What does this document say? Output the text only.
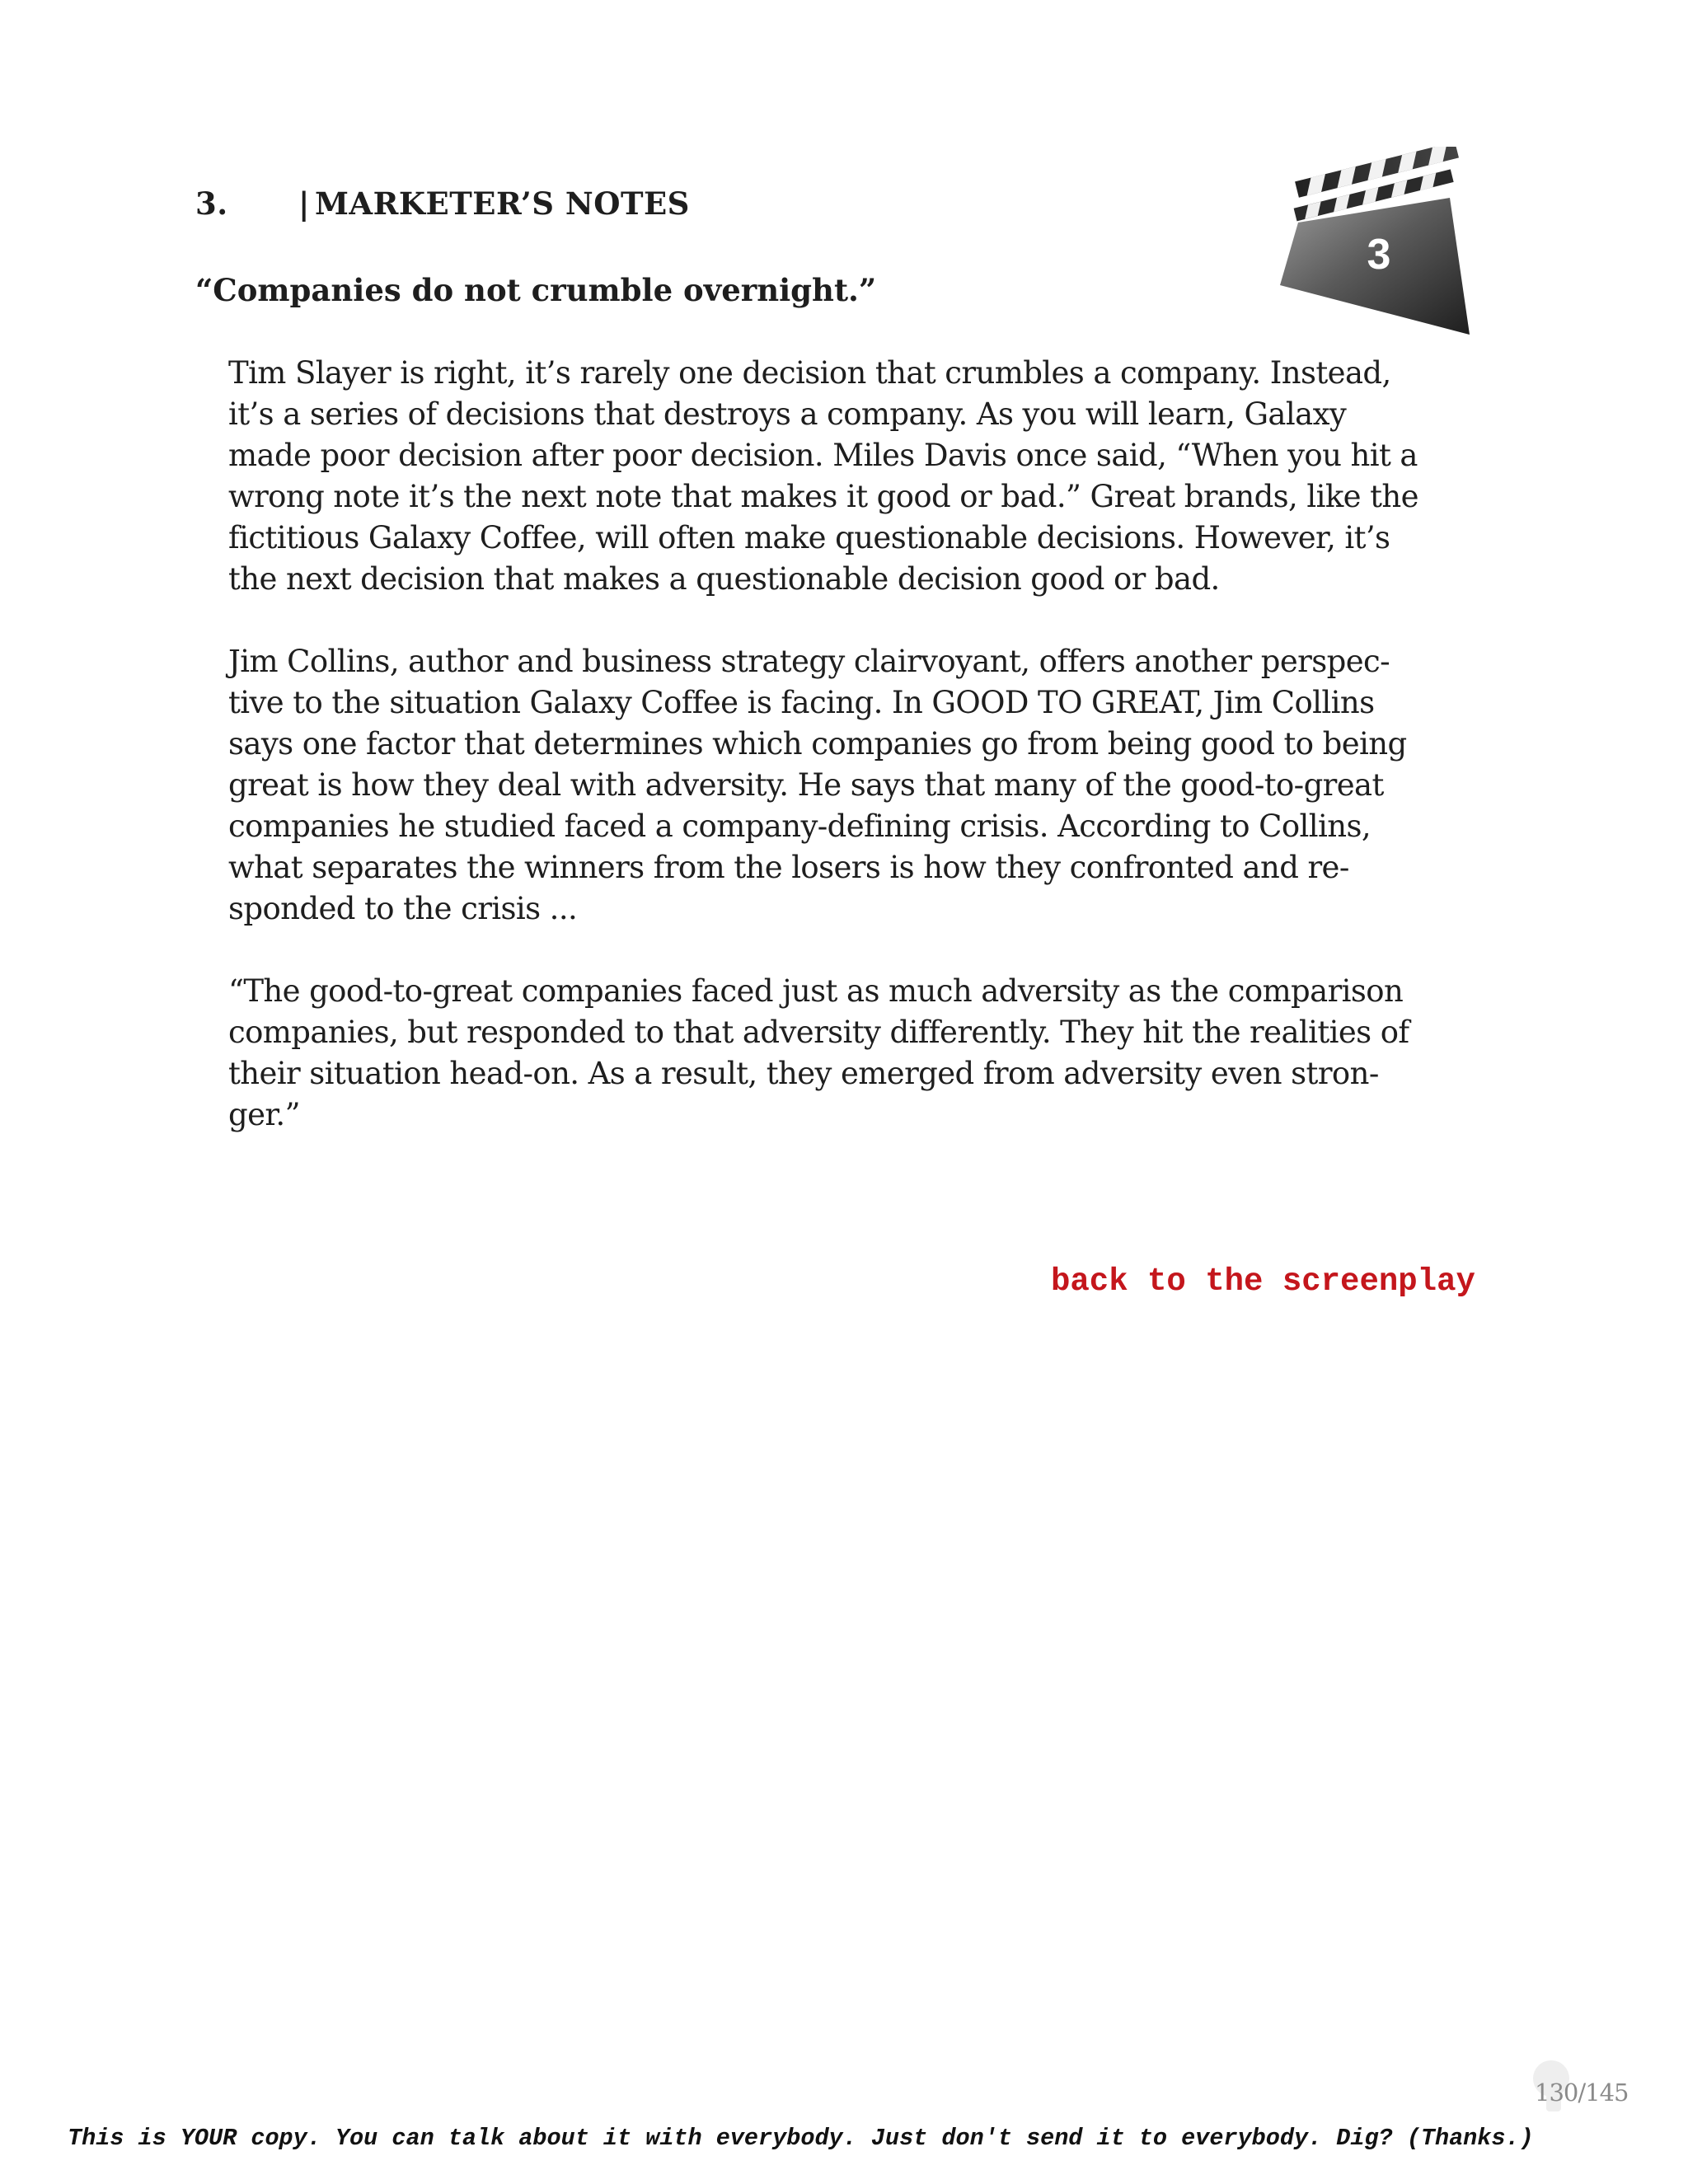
3. | MARKETER’S NOTES
3
“Companies do not crumble overnight.”

Tim Slayer is right, it’s rarely one decision that crumbles a company. Instead,
it’s a series of decisions that destroys a company. As you will learn, Galaxy
made poor decision after poor decision. Miles Davis once said, “When you hit a
wrong note it’s the next note that makes it good or bad.” Great brands, like the
fictitious Galaxy Coffee, will often make questionable decisions. However, it’s
the next decision that makes a questionable decision good or bad.

Jim Collins, author and business strategy clairvoyant, offers another perspec-
tive to the situation Galaxy Coffee is facing. In GOOD TO GREAT, Jim Collins
says one factor that determines which companies go from being good to being
great is how they deal with adversity. He says that many of the good-to-great
companies he studied faced a company-defining crisis. According to Collins,
what separates the winners from the losers is how they confronted and re-
sponded to the crisis ...

“The good-to-great companies faced just as much adversity as the comparison
companies, but responded to that adversity differently. They hit the realities of
their situation head-on. As a result, they emerged from adversity even stron-
ger.”

back to the screenplay
130/145
This is YOUR copy. You can talk about it with everybody. Just don't send it to everybody. Dig? (Thanks.)
